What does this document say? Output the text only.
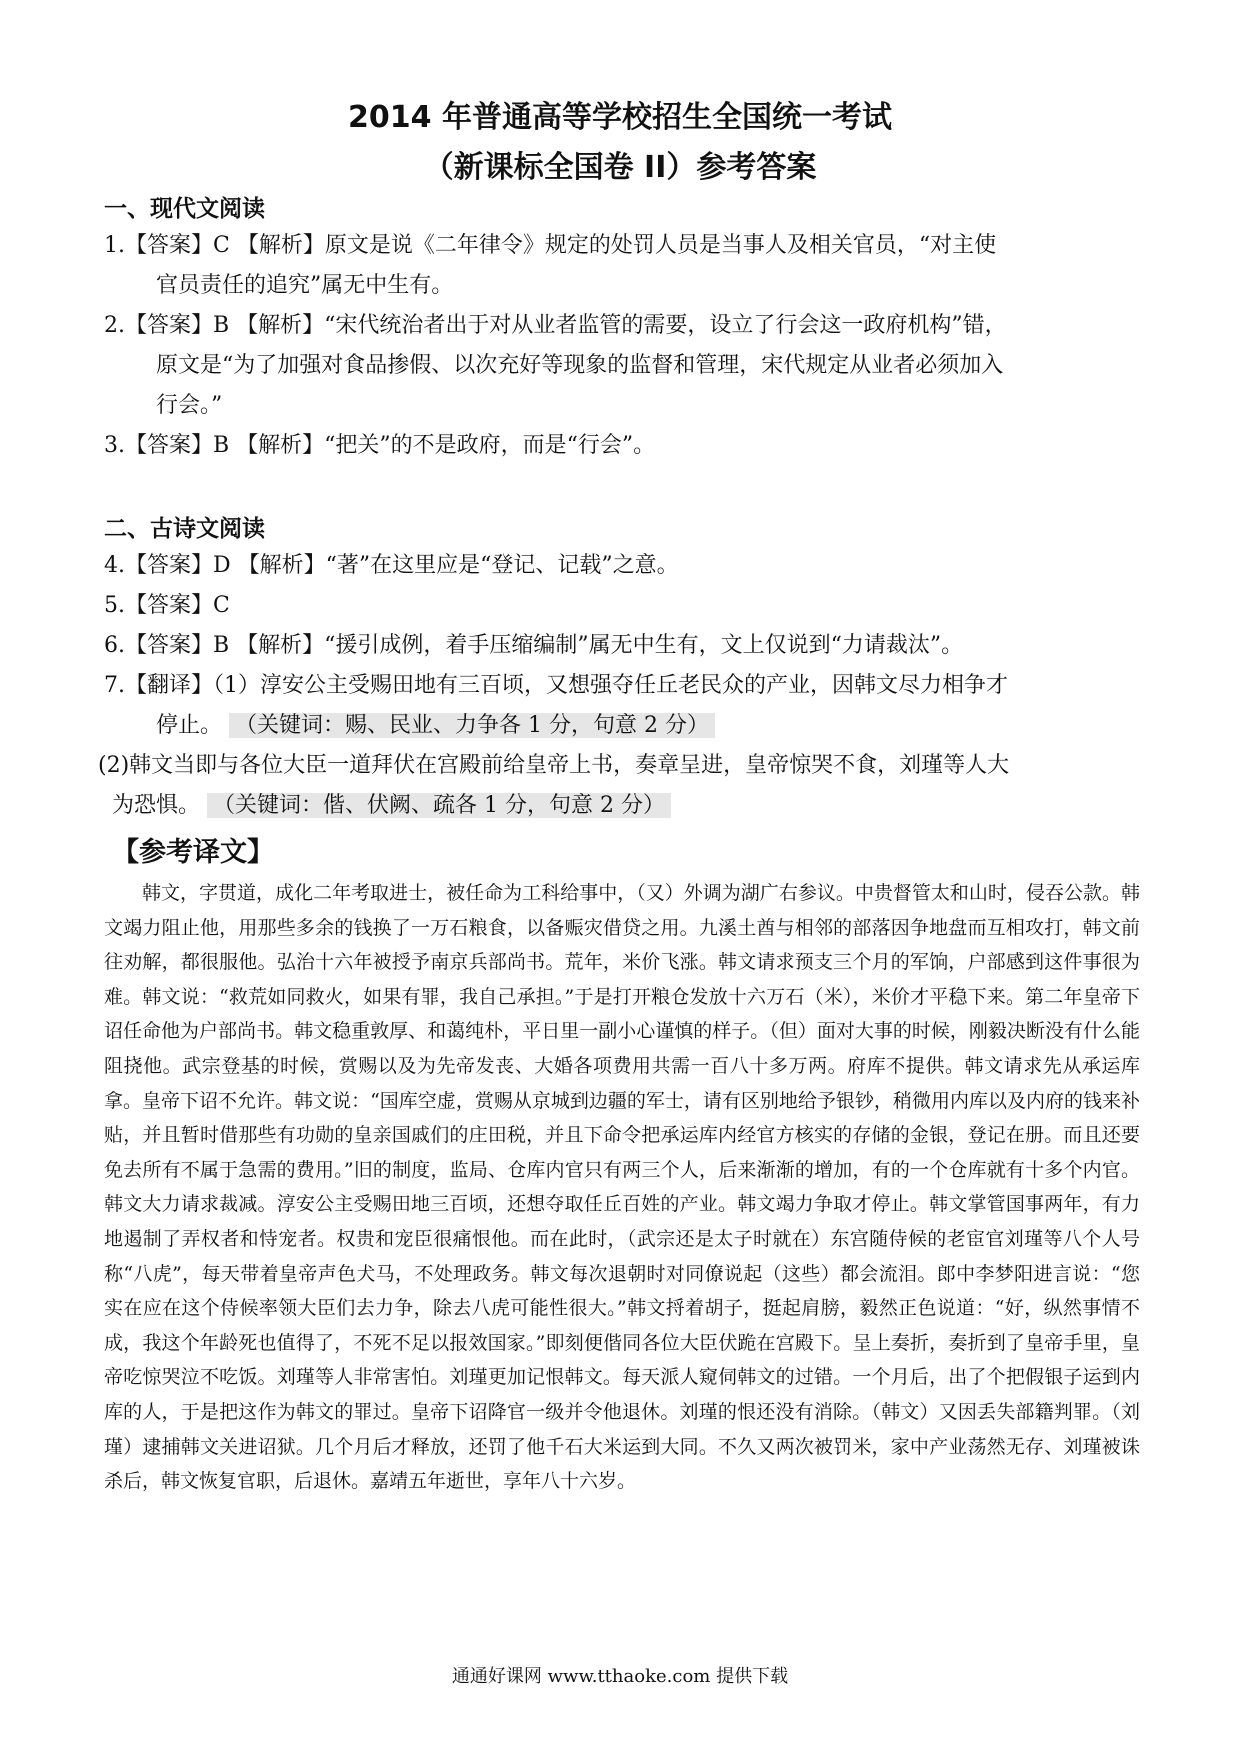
2014 年普通高等学校招生全国统一考试
（新课标全国卷 II）参考答案
一、现代文阅读
1.【答案】C 【解析】原文是说《二年律令》规定的处罚人员是当事人及相关官员，“对主使
官员责任的追究”属无中生有。
2.【答案】B 【解析】“宋代统治者出于对从业者监管的需要，设立了行会这一政府机构”错，
原文是“为了加强对食品掺假、以次充好等现象的监督和管理，宋代规定从业者必须加入
行会。”
3.【答案】B 【解析】“把关”的不是政府，而是“行会”。
二、古诗文阅读
4.【答案】D 【解析】“著”在这里应是“登记、记载”之意。
5.【答案】C
6.【答案】B 【解析】“援引成例，着手压缩编制”属无中生有，文上仅说到“力请裁汰”。
7.【翻译】（1）淳安公主受赐田地有三百顷，又想强夺任丘老民众的产业，因韩文尽力相争才
停止。 （关键词：赐、民业、力争各 1 分，句意 2 分）
(2)韩文当即与各位大臣一道拜伏在宫殿前给皇帝上书，奏章呈进，皇帝惊哭不食，刘瑾等人大
为恐惧。 （关键词：偕、伏阙、疏各 1 分，句意 2 分）
【参考译文】
韩文，字贯道，成化二年考取进士，被任命为工科给事中，（又）外调为湖广右参议。中贵督管太和山时，侵吞公款。韩文竭力阻止他，用那些多余的钱换了一万石粮食，以备赈灾借贷之用。九溪土酋与相邻的部落因争地盘而互相攻打，韩文前往劝解，都很服他。弘治十六年被授予南京兵部尚书。荒年，米价飞涨。韩文请求预支三个月的军饷，户部感到这件事很为难。韩文说：“救荒如同救火，如果有罪，我自己承担。”于是打开粮仓发放十六万石（米），米价才平稳下来。第二年皇帝下诏任命他为户部尚书。韩文稳重敦厚、和蔼纯朴，平日里一副小心谨慎的样子。（但）面对大事的时候，刚毅决断没有什么能阻挠他。武宗登基的时候，赏赐以及为先帝发丧、大婚各项费用共需一百八十多万两。府库不提供。韩文请求先从承运库拿。皇帝下诏不允许。韩文说：“国库空虚，赏赐从京城到边疆的军士，请有区别地给予银钞，稍微用内库以及内府的钱来补贴，并且暂时借那些有功勋的皇亲国戚们的庄田税，并且下命令把承运库内经官方核实的存储的金银，登记在册。而且还要免去所有不属于急需的费用。”旧的制度，监局、仓库内官只有两三个人，后来渐渐的增加，有的一个仓库就有十多个内官。韩文大力请求裁减。淳安公主受赐田地三百顷，还想夺取任丘百姓的产业。韩文竭力争取才停止。韩文掌管国事两年，有力地遏制了弄权者和恃宠者。权贵和宠臣很痛恨他。而在此时，（武宗还是太子时就在）东宫随侍候的老宦官刘瑾等八个人号称“八虎”，每天带着皇帝声色犬马，不处理政务。韩文每次退朝时对同僚说起（这些）都会流泪。郎中李梦阳进言说：“您实在应在这个侍候率领大臣们去力争，除去八虎可能性很大。”韩文捋着胡子，挺起肩膀，毅然正色说道：“好，纵然事情不成，我这个年龄死也值得了，不死不足以报效国家。”即刻便偕同各位大臣伏跪在宫殿下。呈上奏折，奏折到了皇帝手里，皇帝吃惊哭泣不吃饭。刘瑾等人非常害怕。刘瑾更加记恨韩文。每天派人窥伺韩文的过错。一个月后，出了个把假银子运到内库的人，于是把这作为韩文的罪过。皇帝下诏降官一级并令他退休。刘瑾的恨还没有消除。（韩文）又因丢失部籍判罪。（刘瑾）逮捕韩文关进诏狱。几个月后才释放，还罚了他千石大米运到大同。不久又两次被罚米，家中产业荡然无存、刘瑾被诛杀后，韩文恢复官职，后退休。嘉靖五年逝世，享年八十六岁。
通通好课网 www.tthaoke.com 提供下载
